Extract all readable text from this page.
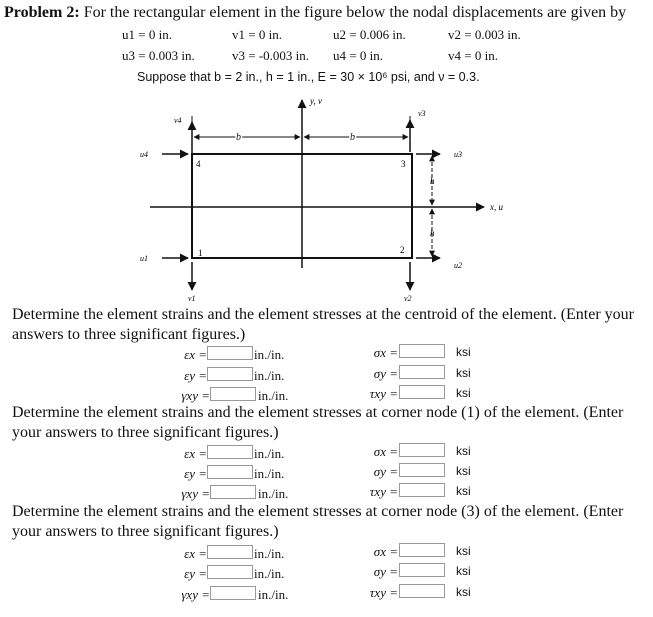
Problem 2: For the rectangular element in the figure below the nodal displacements are given by
u1 = 0 in.	v1 = 0 in.	u2 = 0.006 in.	v2 = 0.003 in.
u3 = 0.003 in.	v3 = -0.003 in. u4 = 0 in.	v4 = 0 in.
Suppose that b = 2 in., h = 1 in., E = 30 × 10⁶ psi, and ν = 0.3.
y, v
x, u
b	b
h
h
1	2
3
4
u4
v4
u1
v1
u3
v3
u2
v2
Determine the element strains and the element stresses at the centroid of the element. (Enter your answers to three significant figures.)
εx =	in./in.	σx =	ksi
εy =	in./in.	σy =	ksi
γxy =	in./in.	τxy =	ksi
Determine the element strains and the element stresses at corner node (1) of the element. (Enter your answers to three significant figures.)
εx =	in./in.	σx =	ksi
εy =	in./in.	σy =	ksi
γxy =	in./in.	τxy =	ksi
Determine the element strains and the element stresses at corner node (3) of the element. (Enter your answers to three significant figures.)
εx =	in./in.	σx =	ksi
εy =	in./in.	σy =	ksi
γxy =	in./in.	τxy =	ksi
